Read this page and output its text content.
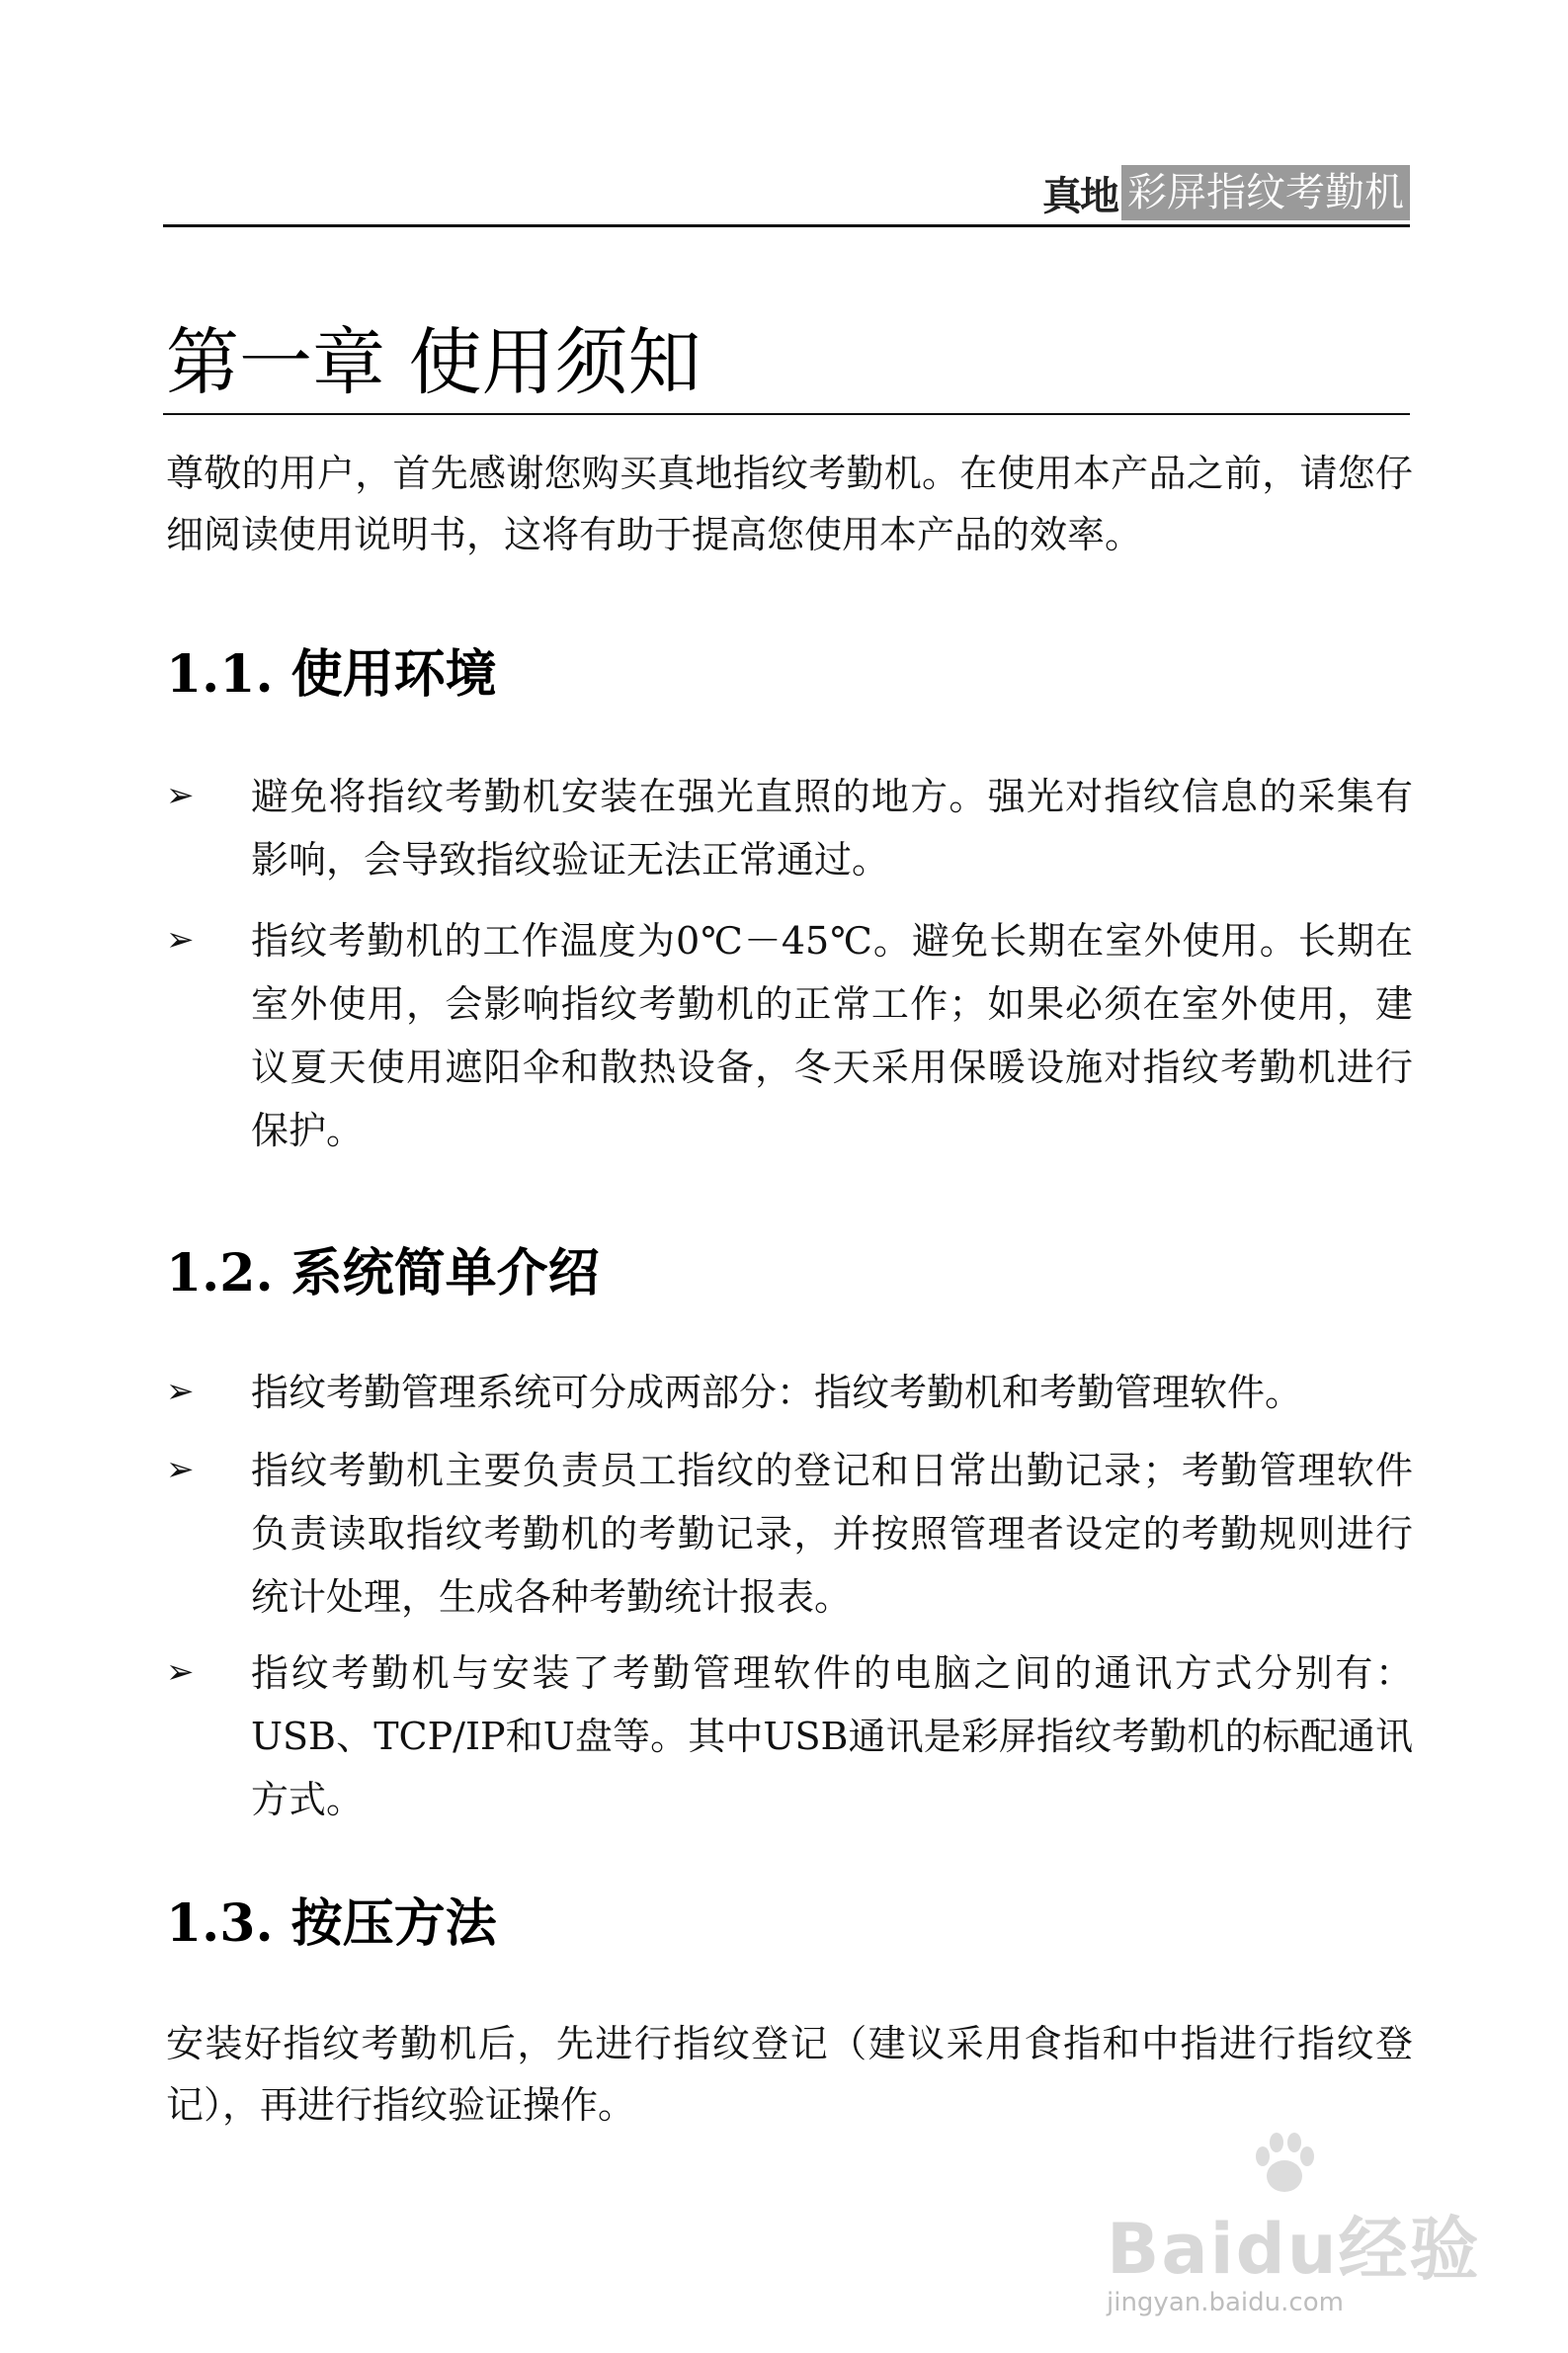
真地 彩屏指纹考勤机
第一章 使用须知

尊敬的用户，首先感谢您购买真地指纹考勤机。在使用本产品之前，请您仔细阅读使用说明书，这将有助于提高您使用本产品的效率。

1.1. 使用环境
➢	避免将指纹考勤机安装在强光直照的地方。强光对指纹信息的采集有影响，会导致指纹验证无法正常通过。
➢	指纹考勤机的工作温度为0℃－45℃。避免长期在室外使用。长期在室外使用，会影响指纹考勤机的正常工作；如果必须在室外使用，建议夏天使用遮阳伞和散热设备，冬天采用保暖设施对指纹考勤机进行保护。
1.2. 系统简单介绍
➢	指纹考勤管理系统可分成两部分：指纹考勤机和考勤管理软件。
➢	指纹考勤机主要负责员工指纹的登记和日常出勤记录；考勤管理软件负责读取指纹考勤机的考勤记录，并按照管理者设定的考勤规则进行统计处理，生成各种考勤统计报表。
➢	指纹考勤机与安装了考勤管理软件的电脑之间的通讯方式分别有：USB、TCP/IP和U盘等。其中USB通讯是彩屏指纹考勤机的标配通讯方式。
1.3. 按压方法

安装好指纹考勤机后，先进行指纹登记（建议采用食指和中指进行指纹登记），再进行指纹验证操作。

Baidu经验
jingyan.baidu.com
